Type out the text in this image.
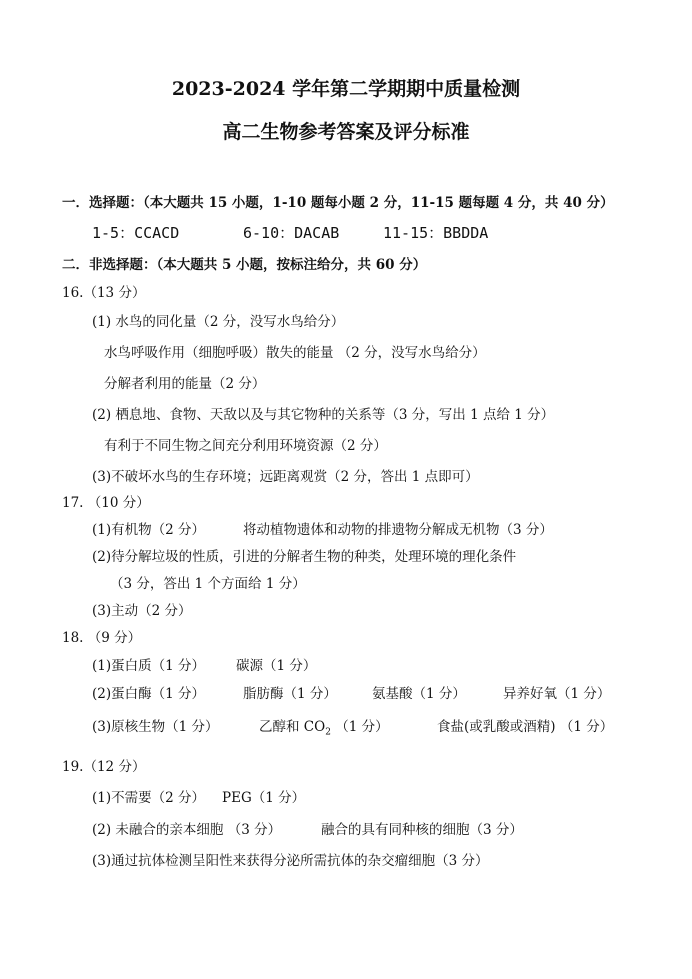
2023-2024 学年第二学期期中质量检测
高二生物参考答案及评分标准
一．选择题：（本大题共 15 小题，1-10 题每小题 2 分，11-15 题每题 4 分，共 40 分）
1-5：CCACD	6-10：DACAB	11-15：BBDDA
二．非选择题：（本大题共 5 小题，按标注给分，共 60 分）
16.（13 分）
(1) 水鸟的同化量（2 分，没写水鸟给分）
水鸟呼吸作用（细胞呼吸）散失的能量 （2 分，没写水鸟给分）
分解者利用的能量（2 分）
(2) 栖息地、食物、天敌以及与其它物种的关系等（3 分，写出 1 点给 1 分）
有利于不同生物之间充分利用环境资源（2 分）
(3)不破坏水鸟的生存环境；远距离观赏（2 分，答出 1 点即可）
17. （10 分）
(1)有机物（2 分）	将动植物遗体和动物的排遗物分解成无机物（3 分）
(2)待分解垃圾的性质，引进的分解者生物的种类，处理环境的理化条件
（3 分，答出 1 个方面给 1 分）
(3)主动（2 分）
18. （9 分）
(1)蛋白质（1 分） 碳源（1 分）
(2)蛋白酶（1 分）	脂肪酶（1 分）	氨基酸（1 分）	异养好氧（1 分）
(3)原核生物（1 分）	乙醇和 $CO_2$ （1 分）	食盐(或乳酸或酒精) （1 分）
19.（12 分）
(1)不需要（2 分） PEG（1 分）
(2) 未融合的亲本细胞 （3 分）	融合的具有同种核的细胞（3 分）
(3)通过抗体检测呈阳性来获得分泌所需抗体的杂交瘤细胞（3 分）
